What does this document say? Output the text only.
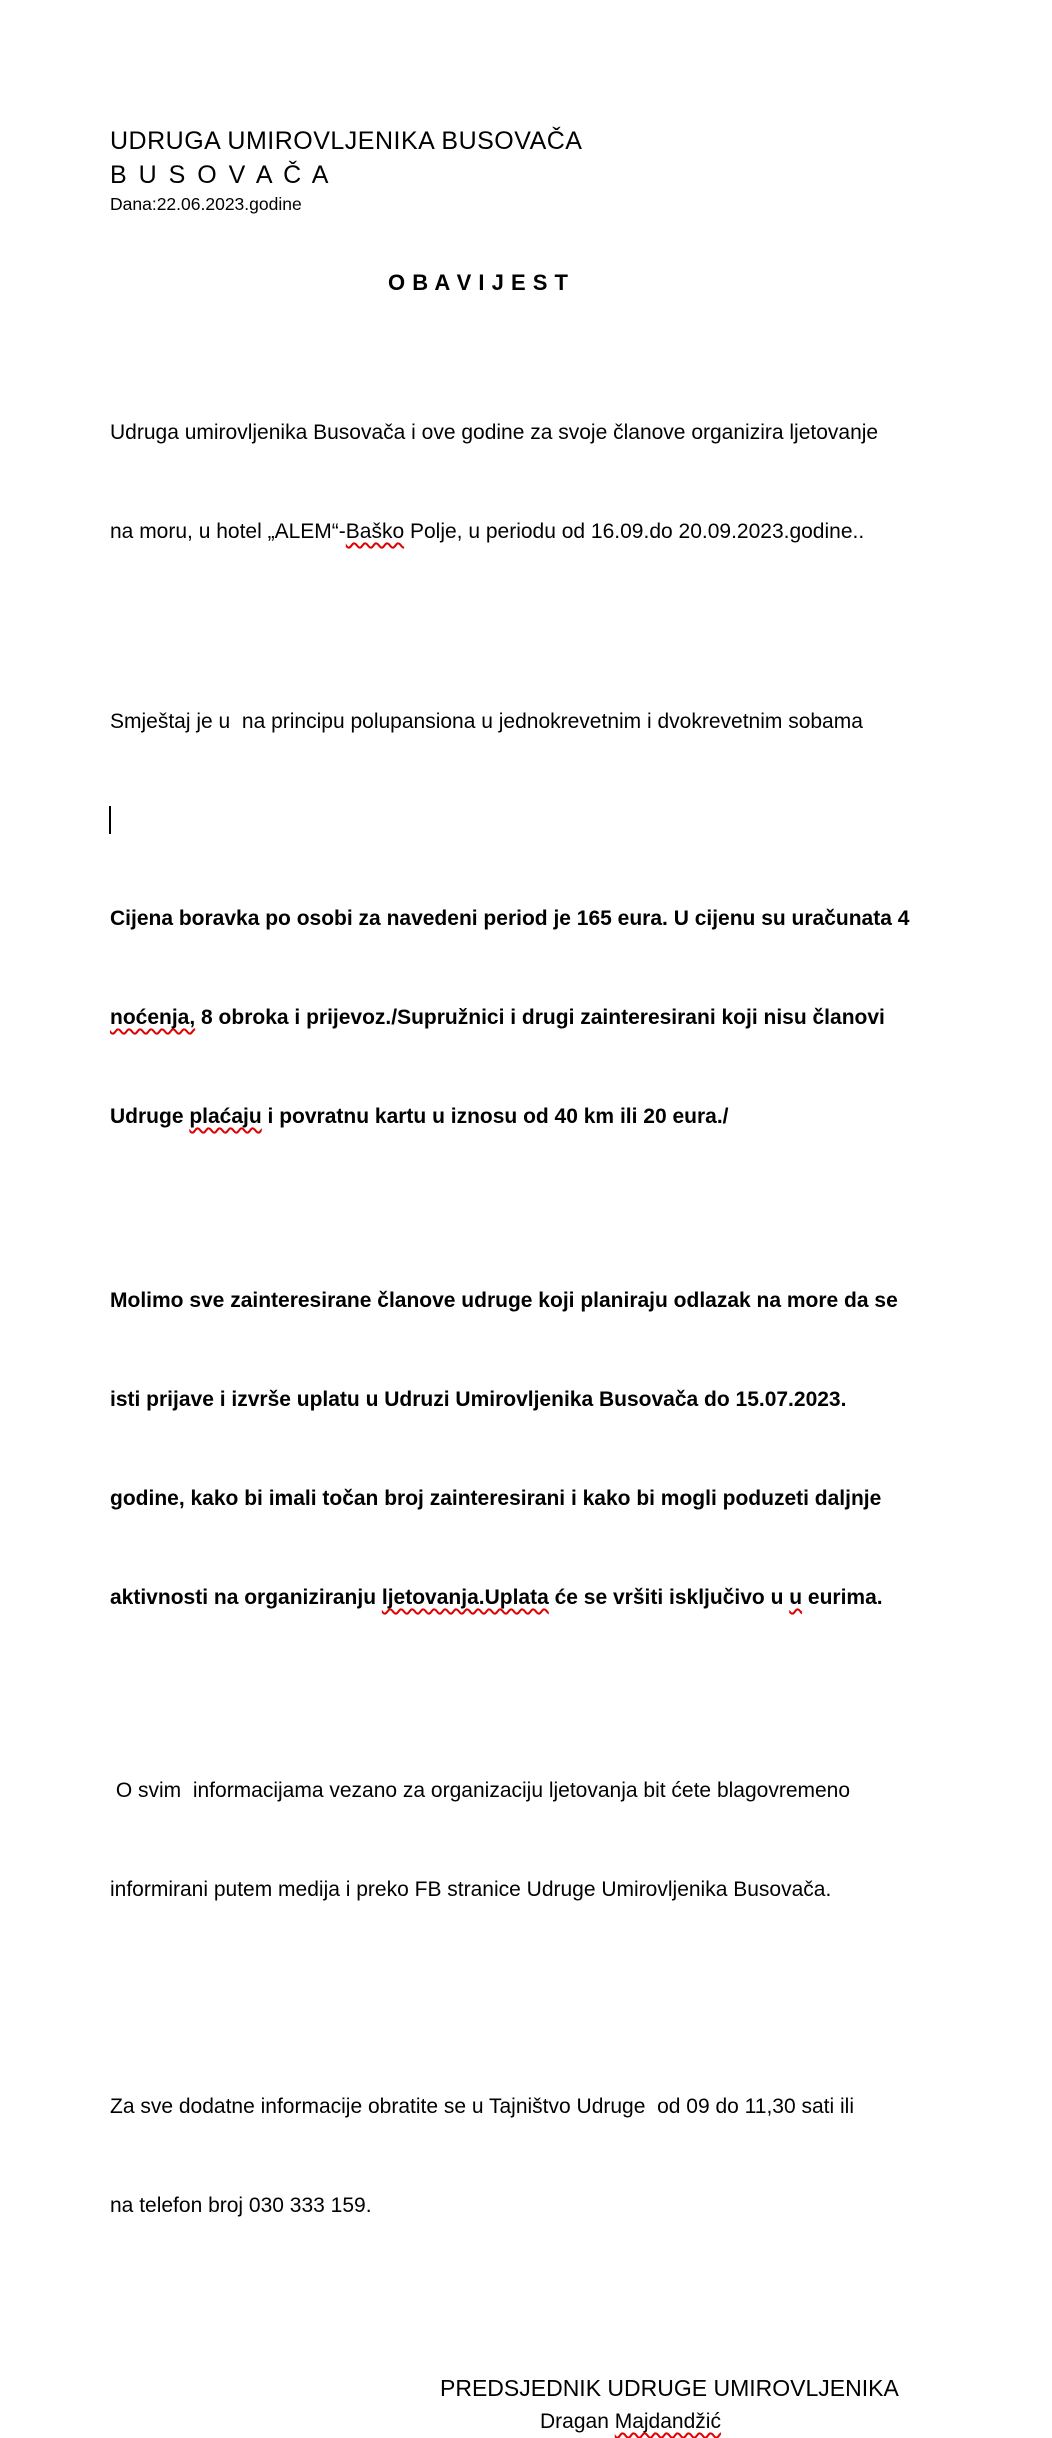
UDRUGA UMIROVLJENIKA BUSOVAČA
B U S O V A Č A
Dana:22.06.2023.godine
O B A V I J E S T

Udruga umirovljenika Busovača i ove godine za svoje članove organizira ljetovanje

na moru, u hotel „ALEM“-Baško Polje, u periodu od 16.09.do 20.09.2023.godine..

Smještaj je u  na principu polupansiona u jednokrevetnim i dvokrevetnim sobama

Cijena boravka po osobi za navedeni period je 165 eura. U cijenu su uračunata 4

noćenja, 8 obroka i prijevoz./Supružnici i drugi zainteresirani koji nisu članovi

Udruge plaćaju i povratnu kartu u iznosu od 40 km ili 20 eura./

Molimo sve zainteresirane članove udruge koji planiraju odlazak na more da se

isti prijave i izvrše uplatu u Udruzi Umirovljenika Busovača do 15.07.2023.

godine, kako bi imali točan broj zainteresirani i kako bi mogli poduzeti daljnje

aktivnosti na organiziranju ljetovanja.Uplata će se vršiti isključivo u u eurima.

O svim  informacijama vezano za organizaciju ljetovanja bit ćete blagovremeno

informirani putem medija i preko FB stranice Udruge Umirovljenika Busovača.

Za sve dodatne informacije obratite se u Tajništvo Udruge  od 09 do 11,30 sati ili

na telefon broj 030 333 159.

PREDSJEDNIK UDRUGE UMIROVLJENIKA
Dragan Majdandžić
